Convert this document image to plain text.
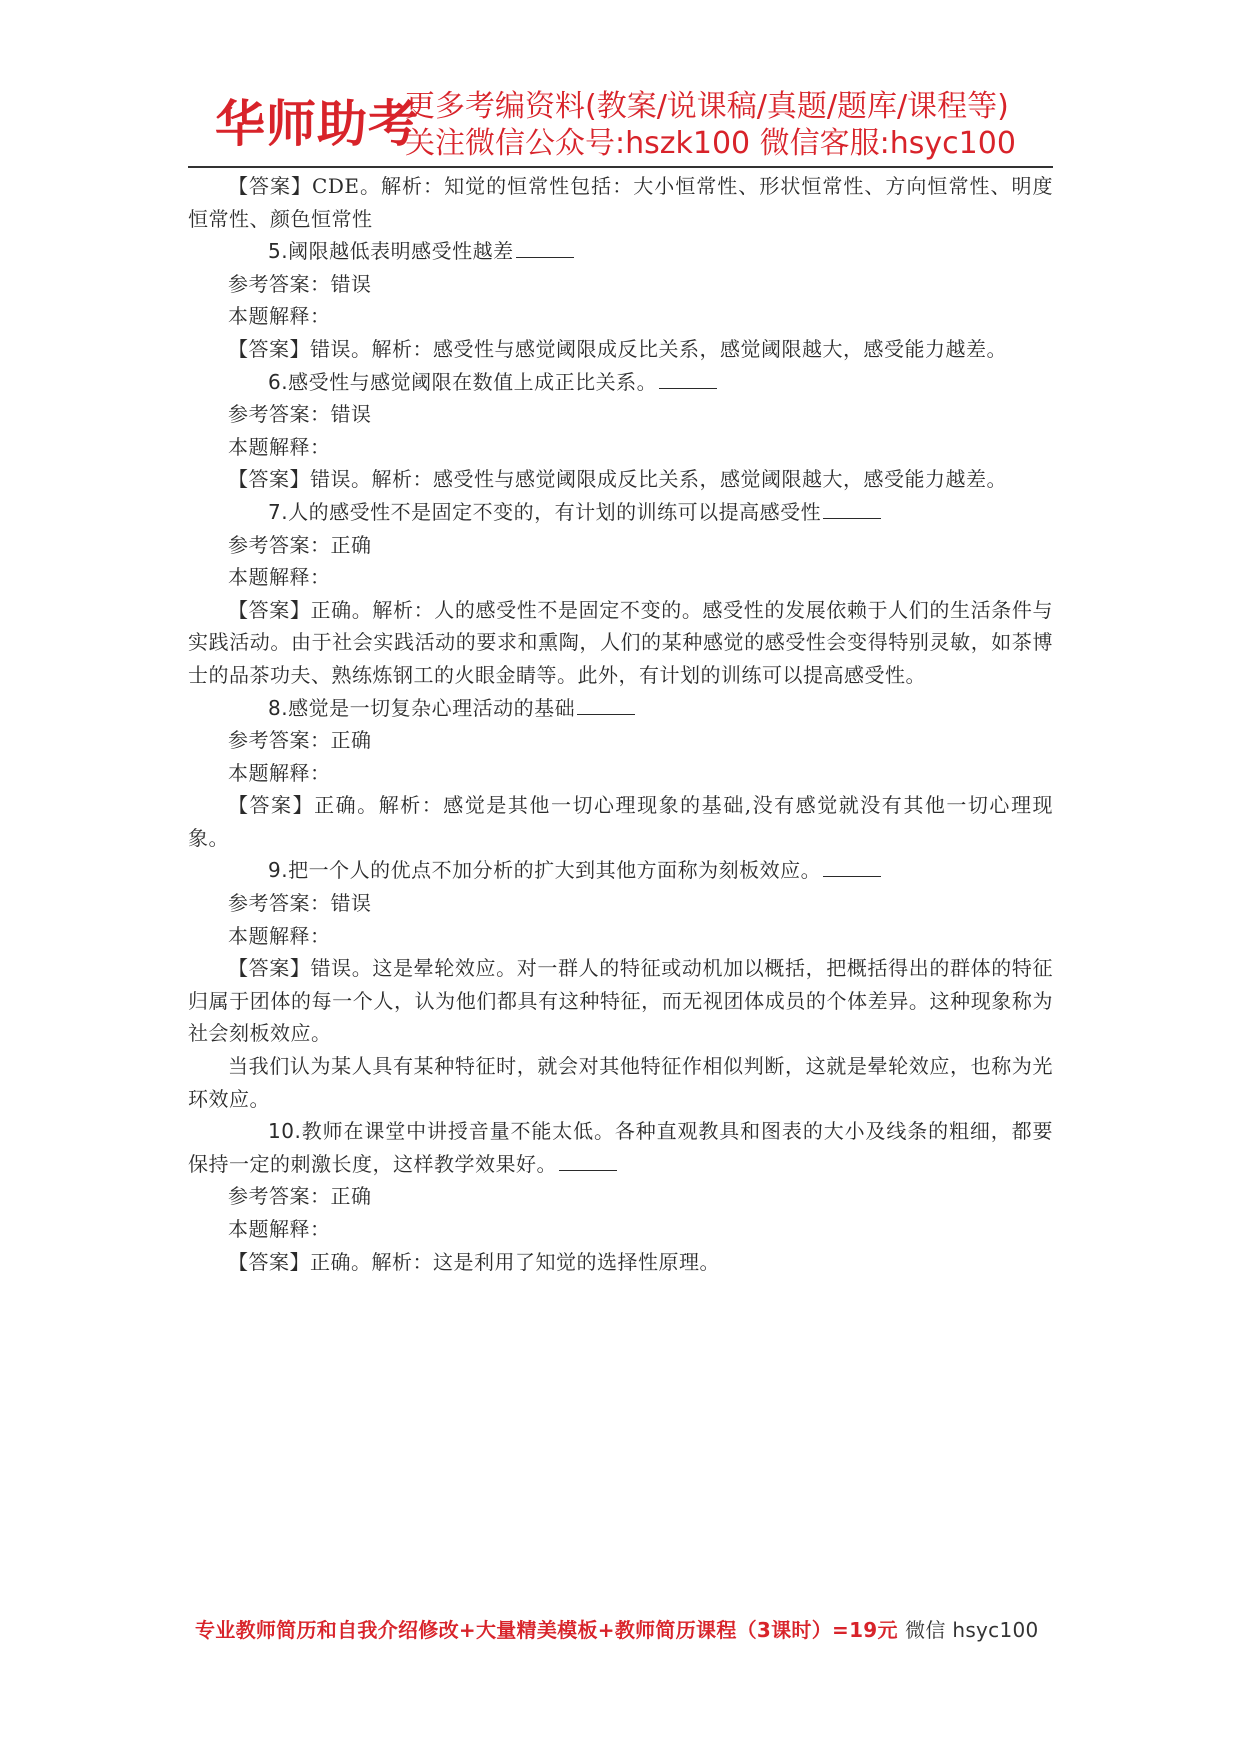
华师助考
更多考编资料(教案/说课稿/真题/题库/课程等)
关注微信公众号:hszk100 微信客服:hsyc100

【答案】CDE。解析：知觉的恒常性包括：大小恒常性、形状恒常性、方向恒常性、明度恒常性、颜色恒常性

5.阈限越低表明感受性越差

参考答案：错误

本题解释：

【答案】错误。解析：感受性与感觉阈限成反比关系，感觉阈限越大，感受能力越差。

6.感受性与感觉阈限在数值上成正比关系。

参考答案：错误

本题解释：

【答案】错误。解析：感受性与感觉阈限成反比关系，感觉阈限越大，感受能力越差。

7.人的感受性不是固定不变的，有计划的训练可以提高感受性

参考答案：正确

本题解释：

【答案】正确。解析：人的感受性不是固定不变的。感受性的发展依赖于人们的生活条件与实践活动。由于社会实践活动的要求和熏陶，人们的某种感觉的感受性会变得特别灵敏，如茶博士的品茶功夫、熟练炼钢工的火眼金睛等。此外，有计划的训练可以提高感受性。

8.感觉是一切复杂心理活动的基础

参考答案：正确

本题解释：

【答案】正确。解析：感觉是其他一切心理现象的基础,没有感觉就没有其他一切心理现象。

9.把一个人的优点不加分析的扩大到其他方面称为刻板效应。

参考答案：错误

本题解释：

【答案】错误。这是晕轮效应。对一群人的特征或动机加以概括，把概括得出的群体的特征归属于团体的每一个人，认为他们都具有这种特征，而无视团体成员的个体差异。这种现象称为社会刻板效应。

当我们认为某人具有某种特征时，就会对其他特征作相似判断，这就是晕轮效应，也称为光环效应。

10.教师在课堂中讲授音量不能太低。各种直观教具和图表的大小及线条的粗细，都要保持一定的刺激长度，这样教学效果好。

参考答案：正确

本题解释：

【答案】正确。解析：这是利用了知觉的选择性原理。

专业教师简历和自我介绍修改+大量精美模板+教师简历课程（3课时）=19元 微信 hsyc100
